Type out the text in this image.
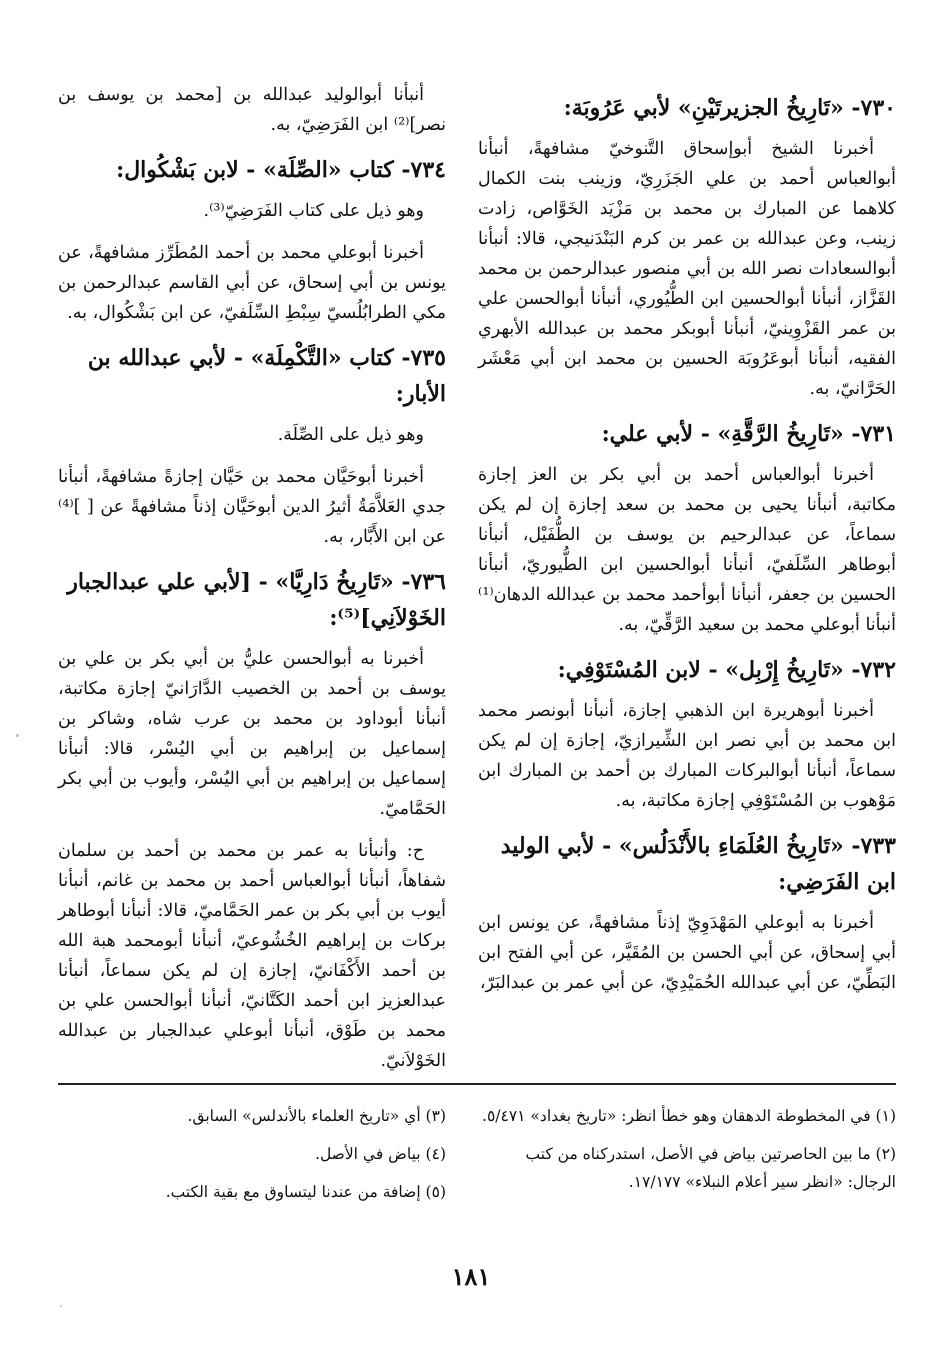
٧٣٠- «تَارِيخُ الجزيرتَيْنِ» لأبي عَرُوبَة:

أخبرنا الشيخ أبوإسحاق التَّنوخيّ مشافهةً، أنبأنا أبوالعباس أحمد بن علي الجَزَرِيّ، وزينب بنت الكمال كلاهما عن المبارك بن محمد بن مَزْيَد الخَوَّاص، زادت زينب، وعن عبدالله بن عمر بن كرم البَنْدَنيجي، قالا: أنبأنا أبوالسعادات نصر الله بن أبي منصور عبدالرحمن بن محمد القَزَّاز، أنبأنا أبوالحسين ابن الطُّيُوري، أنبأنا أبوالحسن علي بن عمر القَزْوِينيّ، أنبأنا أبوبكر محمد بن عبدالله الأبهري الفقيه، أنبأنا أبوعَرُوبَة الحسين بن محمد ابن أبي مَعْشَر الحَرَّانيّ، به.

٧٣١- «تَارِيخُ الرَّقَّةِ» - لأبي علي:

أخبرنا أبوالعباس أحمد بن أبي بكر بن العز إجازة مكاتبة، أنبأنا يحيى بن محمد بن سعد إجازة إن لم يكن سماعاً، عن عبدالرحيم بن يوسف بن الطُّفَيْل، أنبأنا أبوطاهر السِّلَفيّ، أنبأنا أبوالحسين ابن الطُّيوريّ، أنبأنا الحسين بن جعفر، أنبأنا أبوأحمد محمد بن عبدالله الدهان⁽¹⁾ أنبأنا أبوعلي محمد بن سعيد الرَّقِّيّ، به.

٧٣٢- «تَارِيخُ إِرْبِل» - لابن المُسْتَوْفِي:

أخبرنا أبوهريرة ابن الذهبي إجازة، أنبأنا أبونصر محمد ابن محمد بن أبي نصر ابن الشِّيرازيّ، إجازة إن لم يكن سماعاً، أنبأنا أبوالبركات المبارك بن أحمد بن المبارك ابن مَوْهوب بن المُسْتَوْفِي إجازة مكاتبة، به.

٧٣٣- «تَارِيخُ العُلَمَاءِ بالأَنْدَلُس» - لأبي الوليد ابن الفَرَضِي:

أخبرنا به أبوعلي المَهْدَوِيّ إذناً مشافهةً، عن يونس ابن أبي إسحاق، عن أبي الحسن بن المُقَيَّر، عن أبي الفتح ابن البَطِّيّ، عن أبي عبدالله الحُمَيْدِيّ، عن أبي عمر بن عبدالبَرّ،

أنبأنا أبوالوليد عبدالله بن [محمد بن يوسف بن نصر]⁽²⁾ ابن الفَرَضِيّ، به.

٧٣٤- كتاب «الصِّلَة» - لابن بَشْكُوال:

وهو ذيل على كتاب الفَرَضِيّ⁽³⁾.

أخبرنا أبوعلي محمد بن أحمد المُطَرِّز مشافهةً، عن يونس بن أبي إسحاق، عن أبي القاسم عبدالرحمن بن مكي الطرابُلُسيّ سِبْطِ السِّلَفيّ، عن ابن بَشْكُوال، به.

٧٣٥- كتاب «التَّكْمِلَة» - لأبي عبدالله بن الأبار:

وهو ذيل على الصِّلَة.

أخبرنا أبوحَيَّان محمد بن حَيَّان إجازةً مشافهةً، أنبأنا جدي العَلاَّمَةُ أثيرُ الدين أبوحَيَّان إذناً مشافهةً عن [ ]⁽⁴⁾ عن ابن الأَبَّار، به.

٧٣٦- «تَارِيخُ دَارِيَّا» - [لأبي علي عبدالجبار الخَوْلاَنِي]⁽⁵⁾:

أخبرنا به أبوالحسن عليُّ بن أبي بكر بن علي بن يوسف بن أحمد بن الخصيب الدَّارَانيّ إجازة مكاتبة، أنبأنا أبوداود بن محمد بن عرب شاه، وشاكر بن إسماعيل بن إبراهيم بن أبي اليُسْر، قالا: أنبأنا إسماعيل بن إبراهيم بن أبي اليُسْر، وأيوب بن أبي بكر الحَمَّاميّ.

ح: وأنبأنا به عمر بن محمد بن أحمد بن سلمان شفاهاً، أنبأنا أبوالعباس أحمد بن محمد بن غانم، أنبأنا أيوب بن أبي بكر بن عمر الحَمَّاميّ، قالا: أنبأنا أبوطاهر بركات بن إبراهيم الخُشُوعيّ، أنبأنا أبومحمد هبة الله بن أحمد الأَكْفَانيّ، إجازة إن لم يكن سماعاً، أنبأنا عبدالعزيز ابن أحمد الكَتَّانيّ، أنبأنا أبوالحسن علي بن محمد بن طَوْق، أنبأنا أبوعلي عبدالجبار بن عبدالله الخَوْلاَنيّ.

(١) في المخطوطة الدهقان وهو خطأ انظر: «تاريخ بغداد» ٥/٤٧١.

(٢) ما بين الحاصرتين بياض في الأصل، استدركناه من كتب الرجال: «انظر سير أعلام النبلاء» ١٧/١٧٧.

(٣) أي «تاريخ العلماء بالأندلس» السابق.

(٤) بياض في الأصل.

(٥) إضافة من عندنا ليتساوق مع بقية الكتب.

١٨١
